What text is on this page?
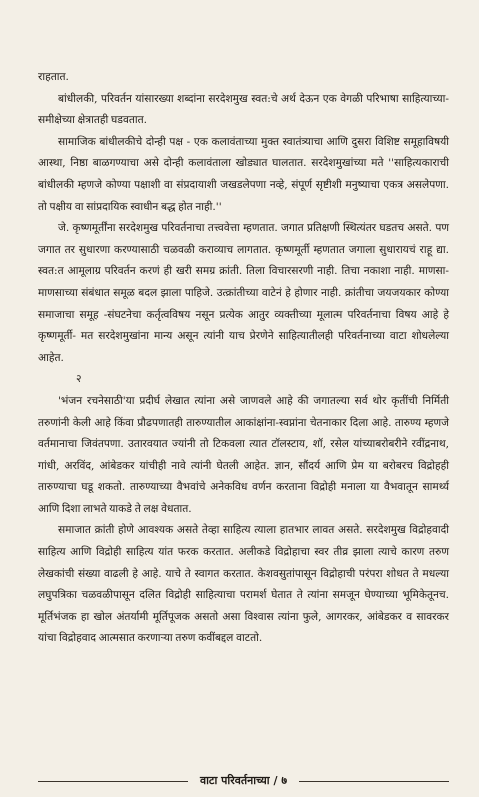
राहतात.

बांधीलकी, परिवर्तन यांसारख्या शब्दांना सरदेशमुख स्वत:चे अर्थ देऊन एक वेगळी परिभाषा साहित्याच्या- समीक्षेच्या क्षेत्रातही घडवतात.

सामाजिक बांधीलकीचे दोन्ही पक्ष - एक कलावंताच्या मुक्त स्वातंत्र्याचा आणि दुसरा विशिष्ट समूहाविषयी आस्था, निष्ठा बाळगण्याचा असे दोन्ही कलावंताला खोड्यात घालतात. सरदेशमुखांच्या मते ''साहित्यकाराची बांधीलकी म्हणजे कोण्या पक्षाशी वा संप्रदायाशी जखडलेपणा नव्हे, संपूर्ण सृष्टीशी मनुष्याचा एकत्र असलेपणा. तो पक्षीय वा सांप्रदायिक स्वाधीन बद्ध होत नाही.''

जे. कृष्णमूर्तींना सरदेशमुख परिवर्तनाचा तत्त्ववेत्ता म्हणतात. जगात प्रतिक्षणी स्थित्यंतर घडतच असते. पण जगात तर सुधारणा करण्यासाठी चळवळी कराव्याच लागतात. कृष्णमूर्ती म्हणतात जगाला सुधारायचं राहू द्या. स्वत:त आमूलाग्र परिवर्तन करणं ही खरी समग्र क्रांती. तिला विचारसरणी नाही. तिचा नकाशा नाही. माणसा-माणसाच्या संबंधात समूळ बदल झाला पाहिजे. उत्क्रांतीच्या वाटेनं हे होणार नाही. क्रांतीचा जयजयकार कोण्या समाजाचा समूह -संघटनेचा कर्तृत्वविषय नसून प्रत्येक आतुर व्यक्तीच्या मूलात्म परिवर्तनाचा विषय आहे हे कृष्णमूर्ती- मत सरदेशमुखांना मान्य असून त्यांनी याच प्रेरणेने साहित्यातीलही परिवर्तनाच्या वाटा शोधलेल्या आहेत.

२

'भंजन रचनेसाठी'या प्रदीर्घ लेखात त्यांना असे जाणवले आहे की जगातल्या सर्व थोर कृतींची निर्मिती तरुणांनी केली आहे किंवा प्रौढपणातही तारुण्यातील आकांक्षांना-स्वप्नांना चेतनाकार दिला आहे. तारुण्य म्हणजे वर्तमानाचा जिवंतपणा. उतारवयात ज्यांनी तो टिकवला त्यात टॉलस्टाय, शॉ, रसेल यांच्याबरोबरीने रवींद्रनाथ, गांधी, अरविंद, आंबेडकर यांचीही नावे त्यांनी घेतली आहेत. ज्ञान, सौंदर्य आणि प्रेम या बरोबरच विद्रोहही तारुण्याचा घडू शकतो. तारुण्याच्या वैभवांचे अनेकविध वर्णन करताना विद्रोही मनाला या वैभवातून सामर्थ्य आणि दिशा लाभते याकडे ते लक्ष वेधतात.

समाजात क्रांती होणे आवश्यक असते तेव्हा साहित्य त्याला हातभार लावत असते. सरदेशमुख विद्रोहवादी साहित्य आणि विद्रोही साहित्य यांत फरक करतात. अलीकडे विद्रोहाचा स्वर तीव्र झाला त्याचे कारण तरुण लेखकांची संख्या वाढली हे आहे. याचे ते स्वागत करतात. केशवसुतांपासून विद्रोहाची परंपरा शोधत ते मधल्या लघुपत्रिका चळवळीपासून दलित विद्रोही साहित्याचा परामर्श घेतात ते त्यांना समजून घेण्याच्या भूमिकेतूनच. मूर्तिभंजक हा खोल अंतर्यामी मूर्तिपूजक असतो असा विश्वास त्यांना फुले, आगरकर, आंबेडकर व सावरकर यांचा विद्रोहवाद आत्मसात करणाऱ्या तरुण कवींबद्दल वाटतो.

वाटा परिवर्तनाच्या / ७
